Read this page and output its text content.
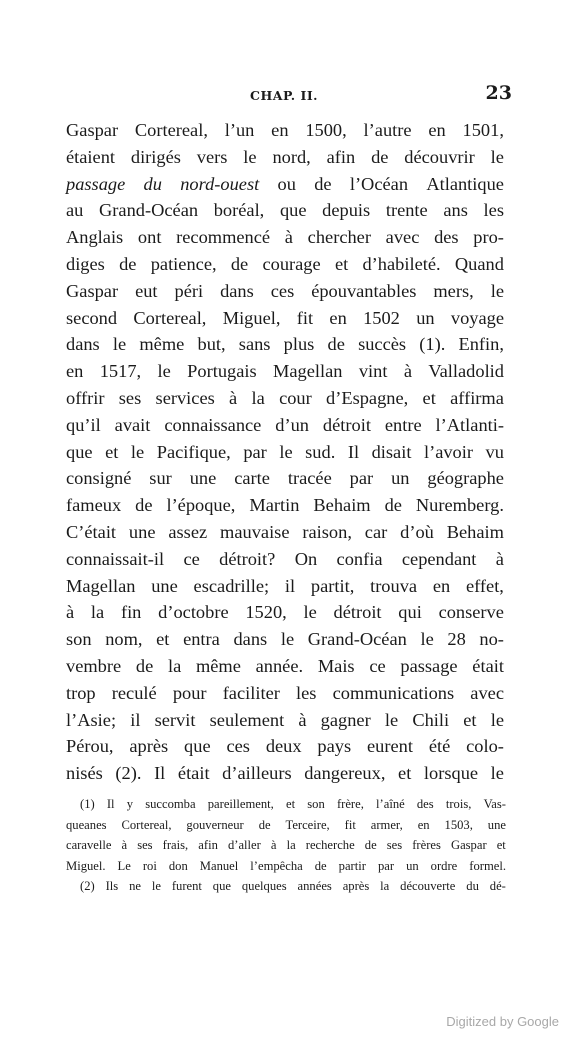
CHAP. II.	23
Gaspar Cortereal, l’un en 1500, l’autre en 1501,
étaient dirigés vers le nord, afin de découvrir le
passage du nord-ouest ou de l’Océan Atlantique
au Grand-Océan boréal, que depuis trente ans les
Anglais ont recommencé à chercher avec des pro-
diges de patience, de courage et d’habileté. Quand
Gaspar eut péri dans ces épouvantables mers, le
second Cortereal, Miguel, fit en 1502 un voyage
dans le même but, sans plus de succès (1). Enfin,
en 1517, le Portugais Magellan vint à Valladolid
offrir ses services à la cour d’Espagne, et affirma
qu’il avait connaissance d’un détroit entre l’Atlanti-
que et le Pacifique, par le sud. Il disait l’avoir vu
consigné sur une carte tracée par un géographe
fameux de l’époque, Martin Behaim de Nuremberg.
C’était une assez mauvaise raison, car d’où Behaim
connaissait-il ce détroit? On confia cependant à
Magellan une escadrille; il partit, trouva en effet,
à la fin d’octobre 1520, le détroit qui conserve
son nom, et entra dans le Grand-Océan le 28 no-
vembre de la même année. Mais ce passage était
trop reculé pour faciliter les communications avec
l’Asie; il servit seulement à gagner le Chili et le
Pérou, après que ces deux pays eurent été colo-
nisés (2). Il était d’ailleurs dangereux, et lorsque le
(1) Il y succomba pareillement, et son frère, l’aîné des trois, Vas-
queanes Cortereal, gouverneur de Terceire, fit armer, en 1503, une
caravelle à ses frais, afin d’aller à la recherche de ses frères Gaspar et
Miguel. Le roi don Manuel l’empêcha de partir par un ordre formel.
(2) Ils ne le furent que quelques années après la découverte du dé-
Digitized by Google
